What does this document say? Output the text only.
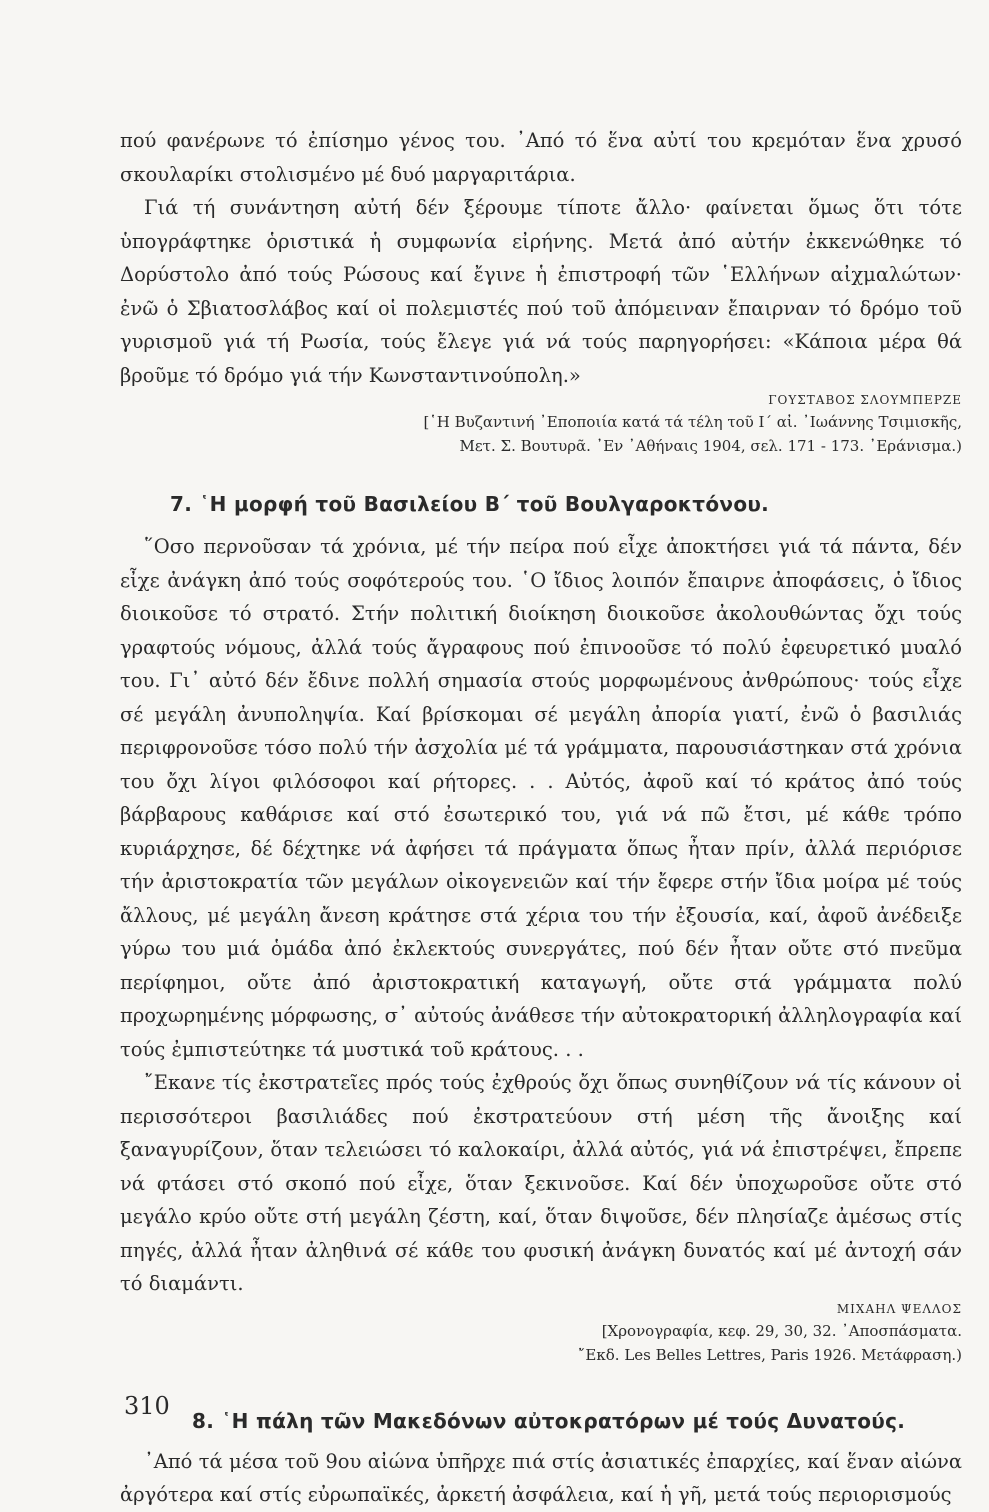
πού φανέρωνε τό ἐπίσημο γένος του. ᾿Από τό ἕνα αὐτί του κρεμόταν ἕνα χρυσό σκουλαρίκι στολισμένο μέ δυό μαργαριτάρια.

Γιά τή συνάντηση αὐτή δέν ξέρουμε τίποτε ἄλλο· φαίνεται ὅμως ὅτι τότε ὑπογράφτηκε ὁριστικά ἡ συμφωνία εἰρήνης. Μετά ἀπό αὐτήν ἐκκενώθηκε τό Δορύστολο ἀπό τούς Ρώσους καί ἔγινε ἡ ἐπιστροφή τῶν ῾Ελλήνων αἰχμαλώτων· ἐνῶ ὁ Σβιατοσλάβος καί οἱ πολεμιστές πού τοῦ ἀπόμειναν ἔπαιρναν τό δρόμο τοῦ γυρισμοῦ γιά τή Ρωσία, τούς ἔλεγε γιά νά τούς παρηγορήσει: «Κάποια μέρα θά βροῦμε τό δρόμο γιά τήν Κωνσταντινούπολη.»

ΓΟΥΣΤΑΒΟΣ ΣΛΟΥΜΠΕΡΖΕ
[῾Η Βυζαντινή ᾿Εποποιία κατά τά τέλη τοῦ Ι΄ αἰ. ᾿Ιωάννης Τσιμισκῆς,
Μετ. Σ. Βουτυρᾶ. ᾿Εν ᾿Αθήναις 1904, σελ. 171 - 173. ᾿Εράνισμα.)
7. ῾Η μορφή τοῦ Βασιλείου Β΄ τοῦ Βουλγαροκτόνου.

῞Οσο περνοῦσαν τά χρόνια, μέ τήν πείρα πού εἶχε ἀποκτήσει γιά τά πάντα, δέν εἶχε ἀνάγκη ἀπό τούς σοφότερούς του. ῾Ο ἴδιος λοιπόν ἔπαιρνε ἀποφάσεις, ὁ ἴδιος διοικοῦσε τό στρατό. Στήν πολιτική διοίκηση διοικοῦσε ἀκολουθώντας ὄχι τούς γραφτούς νόμους, ἀλλά τούς ἄγραφους πού ἐπινοοῦσε τό πολύ ἐφευρετικό μυαλό του. Γι᾿ αὐτό δέν ἔδινε πολλή σημασία στούς μορφωμένους ἀνθρώπους· τούς εἶχε σέ μεγάλη ἀνυποληψία. Καί βρίσκομαι σέ μεγάλη ἀπορία γιατί, ἐνῶ ὁ βασιλιάς περιφρονοῦσε τόσο πολύ τήν ἀσχολία μέ τά γράμματα, παρουσιάστηκαν στά χρόνια του ὄχι λίγοι φιλόσοφοι καί ρήτορες. . . Αὐτός, ἀφοῦ καί τό κράτος ἀπό τούς βάρβαρους καθάρισε καί στό ἐσωτερικό του, γιά νά πῶ ἔτσι, μέ κάθε τρόπο κυριάρχησε, δέ δέχτηκε νά ἀφήσει τά πράγματα ὅπως ἦταν πρίν, ἀλλά περιόρισε τήν ἀριστοκρατία τῶν μεγάλων οἰκογενειῶν καί τήν ἔφερε στήν ἴδια μοίρα μέ τούς ἄλλους, μέ μεγάλη ἄνεση κράτησε στά χέρια του τήν ἐξουσία, καί, ἀφοῦ ἀνέδειξε γύρω του μιά ὁμάδα ἀπό ἐκλεκτούς συνεργάτες, πού δέν ἦταν οὔτε στό πνεῦμα περίφημοι, οὔτε ἀπό ἀριστοκρατική καταγωγή, οὔτε στά γράμματα πολύ προχωρημένης μόρφωσης, σ᾿ αὐτούς ἀνάθεσε τήν αὐτοκρατορική ἀλληλογραφία καί τούς ἐμπιστεύτηκε τά μυστικά τοῦ κράτους. . .

῎Εκανε τίς ἐκστρατεῖες πρός τούς ἐχθρούς ὄχι ὅπως συνηθίζουν νά τίς κάνουν οἱ περισσότεροι βασιλιάδες πού ἐκστρατεύουν στή μέση τῆς ἄνοιξης καί ξαναγυρίζουν, ὅταν τελειώσει τό καλοκαίρι, ἀλλά αὐτός, γιά νά ἐπιστρέψει, ἔπρεπε νά φτάσει στό σκοπό πού εἶχε, ὅταν ξεκινοῦσε. Καί δέν ὑποχωροῦσε οὔτε στό μεγάλο κρύο οὔτε στή μεγάλη ζέστη, καί, ὅταν διψοῦσε, δέν πλησίαζε ἀμέσως στίς πηγές, ἀλλά ἦταν ἀληθινά σέ κάθε του φυσική ἀνάγκη δυνατός καί μέ ἀντοχή σάν τό διαμάντι.

ΜΙΧΑΗΛ ΨΕΛΛΟΣ
[Χρονογραφία, κεφ. 29, 30, 32. ᾿Αποσπάσματα.
῎Εκδ. Les Belles Lettres, Paris 1926. Μετάφραση.)
8. ῾Η πάλη τῶν Μακεδόνων αὐτοκρατόρων μέ τούς Δυνατούς.

᾿Από τά μέσα τοῦ 9ου αἰώνα ὑπῆρχε πιά στίς ἀσιατικές ἐπαρχίες, καί ἕναν αἰώνα ἀργότερα καί στίς εὐρωπαϊκές, ἀρκετή ἀσφάλεια, καί ἡ γῆ, μετά τούς περιορισμούς

310
